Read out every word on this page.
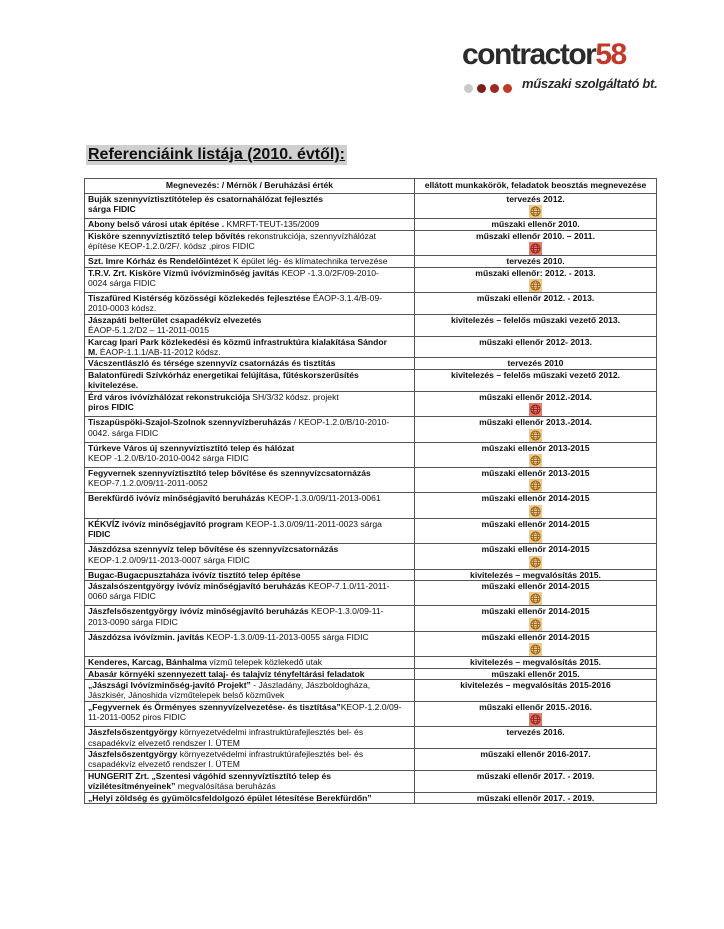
contractor58
műszaki szolgáltató bt.
Referenciáink listája (2010. évtől):
Megnevezés: / Mérnök / Beruházási érték	ellátott munkakörök, feladatok beosztás megnevezése
Buják szennyvíztisztítótelep és csatornahálózat fejlesztés
sárga FIDIC	tervezés 2012.

Abony belső városi utak építése . KMRFT-TEUT-135/2009	műszaki ellenőr 2010.
Kisköre szennyvíztisztító telep bővítés rekonstrukciója, szennyvízhálózat
építése KEOP-1.2.0/2F/. kódsz ,piros FIDIC	műszaki ellenőr 2010. – 2011.

Szt. Imre Kórház és Rendelőintézet K épület lég- és klímatechnika tervezése	tervezés 2010.
T.R.V. Zrt. Kisköre Vízmű ivóvízminőség javítás KEOP -1.3.0/2F/09-2010-
0024 sárga FIDIC	műszaki ellenőr: 2012. - 2013.

Tiszafüred Kistérség közösségi közlekedés fejlesztése ÉAOP-3.1.4/B-09-
2010-0003 kódsz.	műszaki ellenőr 2012. - 2013.
Jászapáti belterület csapadékvíz elvezetés
ÉAOP-5.1.2/D2 – 11-2011-0015	kivitelezés – felelős műszaki vezető 2013.
Karcag Ipari Park közlekedési és közmű infrastruktúra kialakítása Sándor
M. ÉAOP-1.1.1/AB-11-2012 kódsz.	műszaki ellenőr 2012- 2013.
Vácszentlászló és térsége szennyvíz csatornázás és tisztítás	tervezés 2010
Balatonfüredi Szívkórház energetikai felújítása, fűtéskorszerűsítés
kivitelezése.	kivitelezés – felelős műszaki vezető 2012.
Érd város ivóvízhálózat rekonstrukciója SH/3/32 kódsz. projekt
piros FIDIC	műszaki ellenőr 2012.-2014.

Tiszapüspöki-Szajol-Szolnok szennyvízberuházás / KEOP-1.2.0/B/10-2010-
0042. sárga FIDIC	műszaki ellenőr 2013.-2014.

Túrkeve Város új szennyvíztisztító telep és hálózat
KEOP -1.2.0/B/10-2010-0042 sárga FIDIC	műszaki ellenőr 2013-2015

Fegyvernek szennyvíztisztító telep bővítése és szennyvízcsatornázás
KEOP-7.1.2.0/09/11-2011-0052	műszaki ellenőr 2013-2015

Berekfürdő ivóvíz minőségjavító beruházás KEOP-1.3.0/09/11-2013-0061	műszaki ellenőr 2014-2015

KÉKVÍZ ivóvíz minőségjavító program KEOP-1.3.0/09/11-2011-0023 sárga
FIDIC	műszaki ellenőr 2014-2015

Jászdózsa szennyvíz telep bővítése és szennyvízcsatornázás
KEOP-1.2.0/09/11-2013-0007 sárga FIDIC	műszaki ellenőr 2014-2015

Bugac-Bugacpusztaháza ivóvíz tisztító telep építése	kivitelezés – megvalósítás 2015.
Jászalsószentgyörgy ivóvíz minőségjavító beruházás KEOP-7.1.0/11-2011-
0060 sárga FIDIC	műszaki ellenőr 2014-2015

Jászfelsőszentgyörgy ivóvíz minőségjavító beruházás KEOP-1.3.0/09-11-
2013-0090 sárga FIDIC	műszaki ellenőr 2014-2015

Jászdózsa ivóvízmin. javítás KEOP-1.3.0/09-11-2013-0055 sárga FIDIC	műszaki ellenőr 2014-2015

Kenderes, Karcag, Bánhalma vízmű telepek közlekedő utak	kivitelezés – megvalósítás 2015.
Abasár környéki szennyezett talaj- és talajvíz tényfeltárási feladatok	műszaki ellenőr 2015.
„Jászsági Ivóvízminőség-javító Projekt” - Jászladány, Jászboldogháza,
Jászkisér, Jánoshida vízműtelepek belső közművek	kivitelezés – megvalósítás 2015-2016
„Fegyvernek és Örményes szennyvízelvezetése- és tisztítása”KEOP-1.2.0/09-
11-2011-0052 piros FIDIC	műszaki ellenőr 2015.-2016.

Jászfelsőszentgyörgy környezetvédelmi infrastruktúrafejlesztés bel- és
csapadékvíz elvezető rendszer I. ÜTEM	tervezés 2016.
Jászfelsőszentgyörgy környezetvédelmi infrastruktúrafejlesztés bel- és
csapadékvíz elvezető rendszer I. ÜTEM	műszaki ellenőr 2016-2017.
HUNGERIT Zrt. „Szentesi vágóhíd szennyvíztisztító telep és
vízilétesítményeinek” megvalósítása beruházás	műszaki ellenőr 2017. - 2019.
„Helyi zöldség és gyümölcsfeldolgozó épület létesítése Berekfürdőn”	műszaki ellenőr 2017. - 2019.
